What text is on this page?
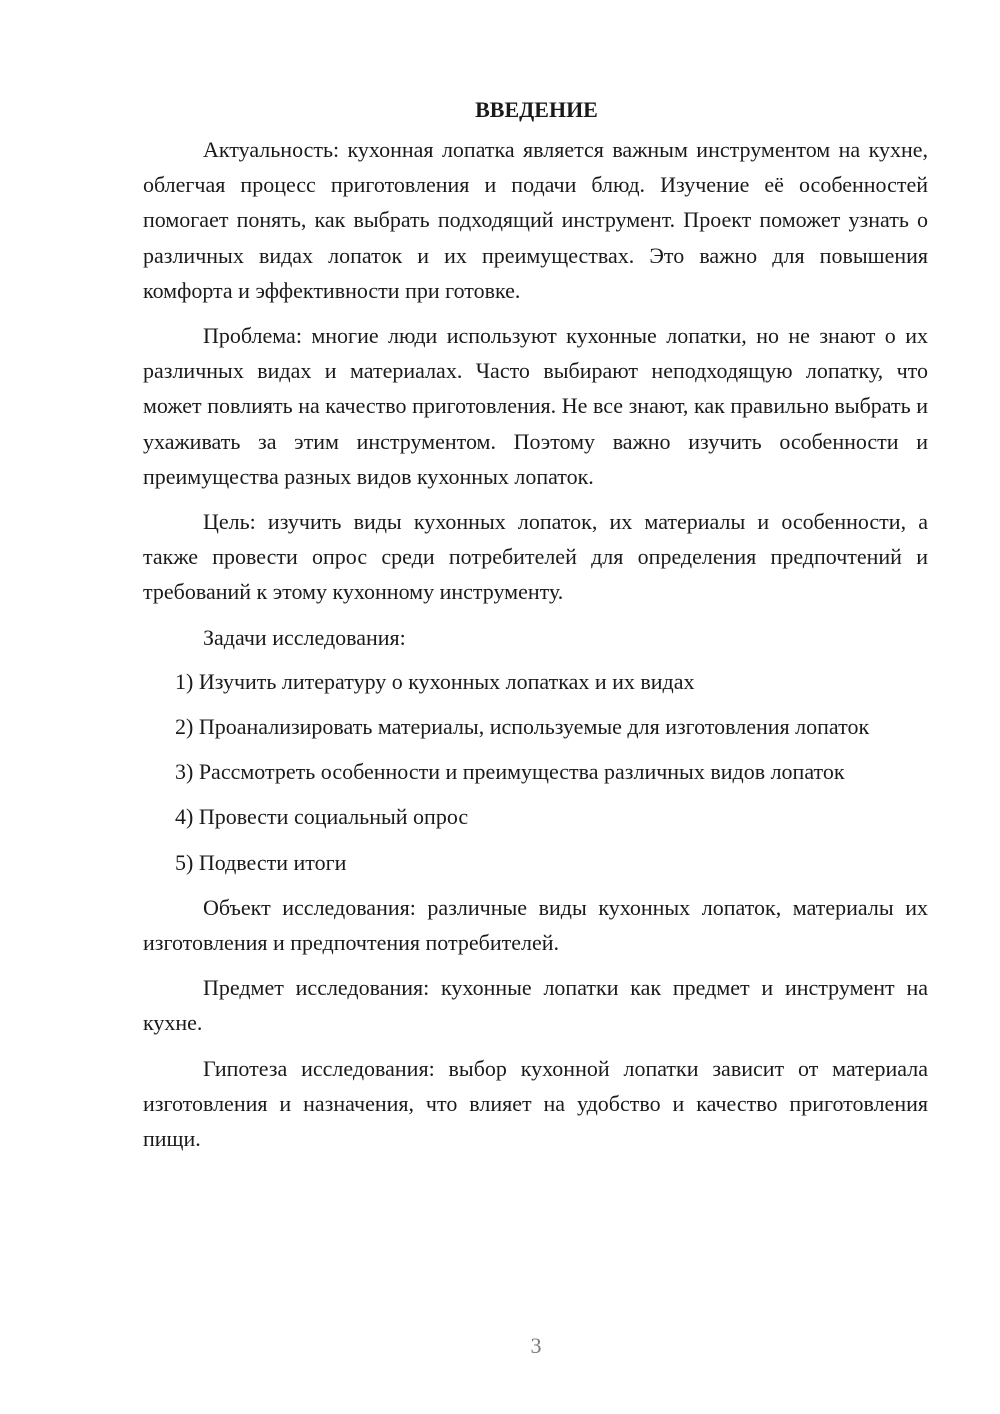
ВВЕДЕНИЕ

Актуальность: кухонная лопатка является важным инструментом на кухне, облегчая процесс приготовления и подачи блюд. Изучение её особенностей помогает понять, как выбрать подходящий инструмент. Проект поможет узнать о различных видах лопаток и их преимуществах. Это важно для повышения комфорта и эффективности при готовке.

Проблема: многие люди используют кухонные лопатки, но не знают о их различных видах и материалах. Часто выбирают неподходящую лопатку, что может повлиять на качество приготовления. Не все знают, как правильно выбрать и ухаживать за этим инструментом. Поэтому важно изучить особенности и преимущества разных видов кухонных лопаток.

Цель: изучить виды кухонных лопаток, их материалы и особенности, а также провести опрос среди потребителей для определения предпочтений и требований к этому кухонному инструменту.

Задачи исследования:

1) Изучить литературу о кухонных лопатках и их видах

2) Проанализировать материалы, используемые для изготовления лопаток

3) Рассмотреть особенности и преимущества различных видов лопаток

4) Провести социальный опрос

5) Подвести итоги

Объект исследования: различные виды кухонных лопаток, материалы их изготовления и предпочтения потребителей.

Предмет исследования: кухонные лопатки как предмет и инструмент на кухне.

Гипотеза исследования: выбор кухонной лопатки зависит от материала изготовления и назначения, что влияет на удобство и качество приготовления пищи.

3
